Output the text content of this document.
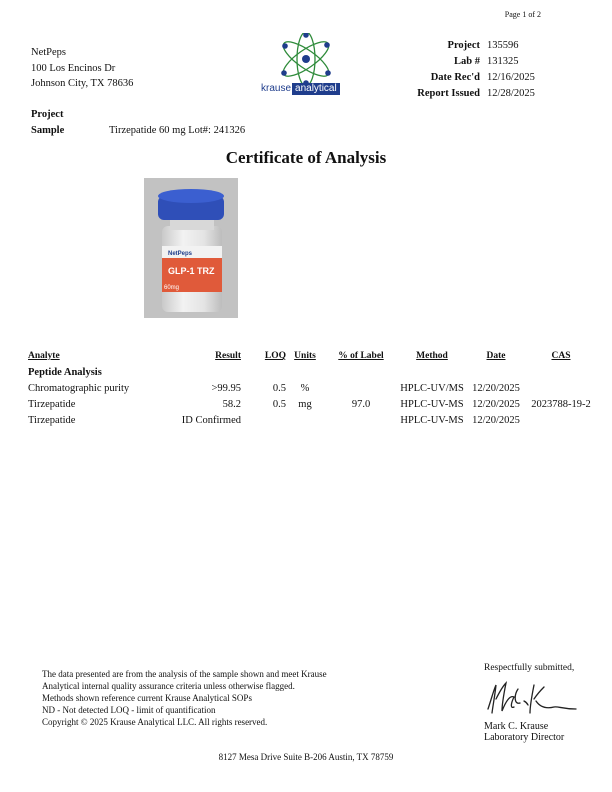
Page 1 of 2
NetPeps
100 Los Encinos Dr
Johnson City, TX 78636	krause analytical
Project 135596
Lab # 131325
Date Rec'd 12/16/2025
Report Issued 12/28/2025
Project
Sample	Tirzepatide 60 mg Lot#: 241326
Certificate of Analysis
NetPeps
GLP-1 TRZ
60mg
Analyte	Result	LOQ	Units	% of Label	Method	Date	CAS
Peptide Analysis							
Chromatographic purity	>99.95	0.5	%		HPLC-UV/MS	12/20/2025	
Tirzepatide	58.2	0.5	mg	97.0	HPLC-UV-MS	12/20/2025	2023788-19-2
Tirzepatide	ID Confirmed				HPLC-UV-MS	12/20/2025	
The data presented are from the analysis of the sample shown and meet Krause
Analytical internal quality assurance criteria unless otherwise flagged.
Methods shown reference current Krause Analytical SOPs
ND - Not detected LOQ - limit of quantification
Copyright © 2025 Krause Analytical LLC. All rights reserved.
Respectfully submitted,
Mark C. Krause
Laboratory Director
8127 Mesa Drive Suite B-206 Austin, TX 78759
